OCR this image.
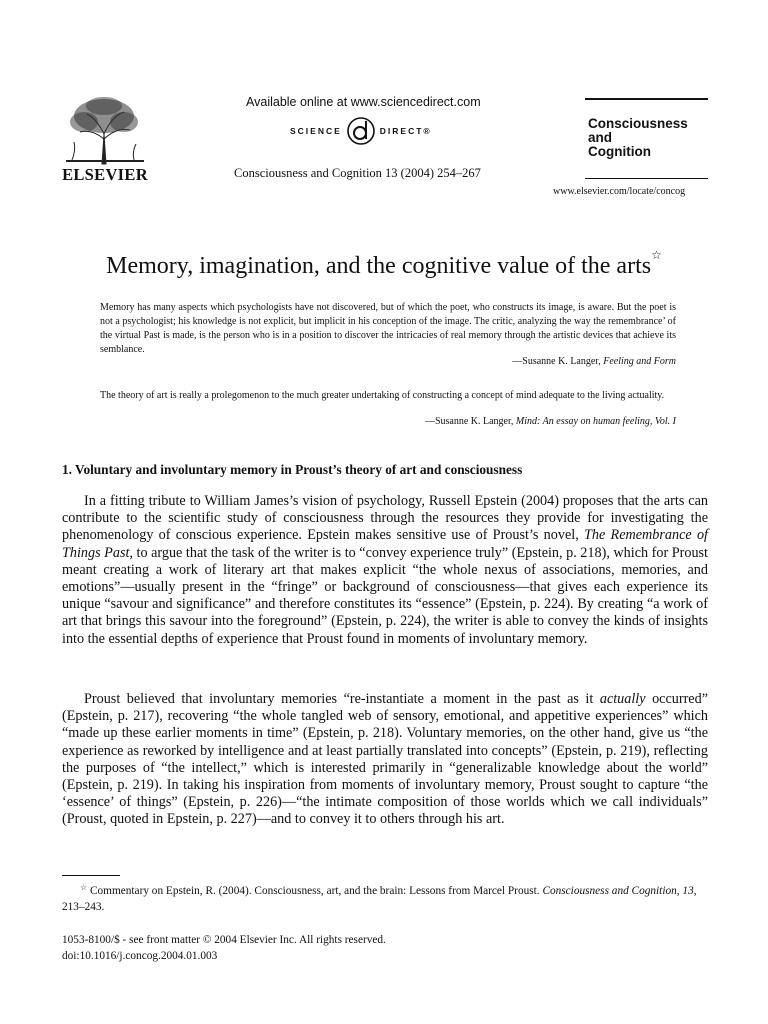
ELSEVIER
Available online at www.sciencedirect.com
SCIENCE	DIRECT®
Consciousness and Cognition 13 (2004) 254–267
Consciousness
and
Cognition
www.elsevier.com/locate/concog
Memory, imagination, and the cognitive value of the arts☆
Memory has many aspects which psychologists have not discovered, but of which the poet, who constructs its image, is aware. But the poet is not a psychologist; his knowledge is not explicit, but implicit in his conception of the image. The critic, analyzing the way the remembrance’ of the virtual Past is made, is the person who is in a position to discover the intricacies of real memory through the artistic devices that achieve its semblance.
—Susanne K. Langer, Feeling and Form
The theory of art is really a prolegomenon to the much greater undertaking of constructing a concept of mind adequate to the living actuality.
—Susanne K. Langer, Mind: An essay on human feeling, Vol. I
1. Voluntary and involuntary memory in Proust’s theory of art and consciousness
In a fitting tribute to William James’s vision of psychology, Russell Epstein (2004) proposes that the arts can contribute to the scientific study of consciousness through the resources they provide for investigating the phenomenology of conscious experience. Epstein makes sensitive use of Proust’s novel, The Remembrance of Things Past, to argue that the task of the writer is to “convey experience truly” (Epstein, p. 218), which for Proust meant creating a work of literary art that makes explicit “the whole nexus of associations, memories, and emotions”—usually present in the “fringe” or background of consciousness—that gives each experience its unique “savour and significance” and therefore constitutes its “essence” (Epstein, p. 224). By creating “a work of art that brings this savour into the foreground” (Epstein, p. 224), the writer is able to convey the kinds of insights into the essential depths of experience that Proust found in moments of involuntary memory.
Proust believed that involuntary memories “re-instantiate a moment in the past as it actually occurred” (Epstein, p. 217), recovering “the whole tangled web of sensory, emotional, and appetitive experiences” which “made up these earlier moments in time” (Epstein, p. 218). Voluntary memories, on the other hand, give us “the experience as reworked by intelligence and at least partially translated into concepts” (Epstein, p. 219), reflecting the purposes of “the intellect,” which is interested primarily in “generalizable knowledge about the world” (Epstein, p. 219). In taking his inspiration from moments of involuntary memory, Proust sought to capture “the ‘essence’ of things” (Epstein, p. 226)—“the intimate composition of those worlds which we call individuals” (Proust, quoted in Epstein, p. 227)—and to convey it to others through his art.
☆ Commentary on Epstein, R. (2004). Consciousness, art, and the brain: Lessons from Marcel Proust. Consciousness and Cognition, 13, 213–243.
1053-8100/$ - see front matter © 2004 Elsevier Inc. All rights reserved.
doi:10.1016/j.concog.2004.01.003
